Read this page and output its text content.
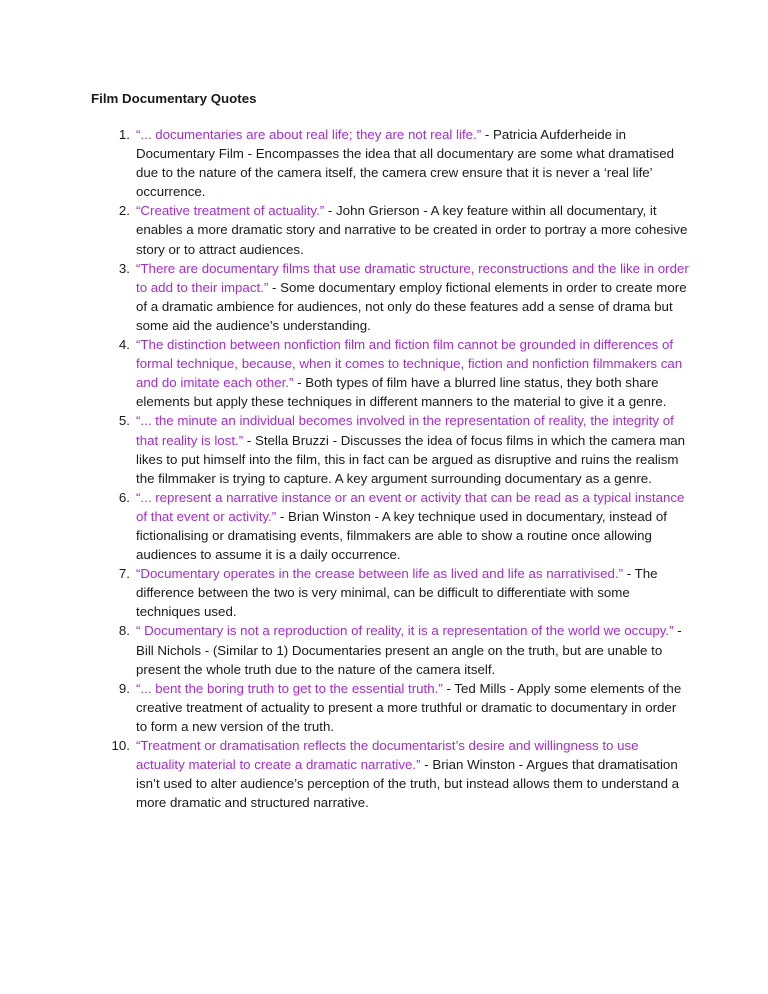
Film Documentary Quotes
1. “... documentaries are about real life; they are not real life.” - Patricia Aufderheide in Documentary Film - Encompasses the idea that all documentary are some what dramatised due to the nature of the camera itself, the camera crew ensure that it is never a ‘real life’ occurrence.
2. “Creative treatment of actuality.” - John Grierson - A key feature within all documentary, it enables a more dramatic story and narrative to be created in order to portray a more cohesive story or to attract audiences.
3. “There are documentary films that use dramatic structure, reconstructions and the like in order to add to their impact.” - Some documentary employ fictional elements in order to create more of a dramatic ambience for audiences, not only do these features add a sense of drama but some aid the audience’s understanding.
4. “The distinction between nonfiction film and fiction film cannot be grounded in differences of formal technique, because, when it comes to technique, fiction and nonfiction filmmakers can and do imitate each other.” - Both types of film have a blurred line status, they both share elements but apply these techniques in different manners to the material to give it a genre.
5. “... the minute an individual becomes involved in the representation of reality, the integrity of that reality is lost.” - Stella Bruzzi - Discusses the idea of focus films in which the camera man likes to put himself into the film, this in fact can be argued as disruptive and ruins the realism the filmmaker is trying to capture. A key argument surrounding documentary as a genre.
6. “... represent a narrative instance or an event or activity that can be read as a typical instance of that event or activity.” - Brian Winston - A key technique used in documentary, instead of fictionalising or dramatising events, filmmakers are able to show a routine once allowing audiences to assume it is a daily occurrence.
7. “Documentary operates in the crease between life as lived and life as narrativised.” - The difference between the two is very minimal, can be difficult to differentiate with some techniques used.
8. “ Documentary is not a reproduction of reality, it is a representation of the world we occupy.” - Bill Nichols - (Similar to 1) Documentaries present an angle on the truth, but are unable to present the whole truth due to the nature of the camera itself.
9. “... bent the boring truth to get to the essential truth.” - Ted Mills - Apply some elements of the creative treatment of actuality to present a more truthful or dramatic to documentary in order to form a new version of the truth.
10. “Treatment or dramatisation reflects the documentarist’s desire and willingness to use actuality material to create a dramatic narrative.” - Brian Winston - Argues that dramatisation isn’t used to alter audience’s perception of the truth, but instead allows them to understand a more dramatic and structured narrative.
